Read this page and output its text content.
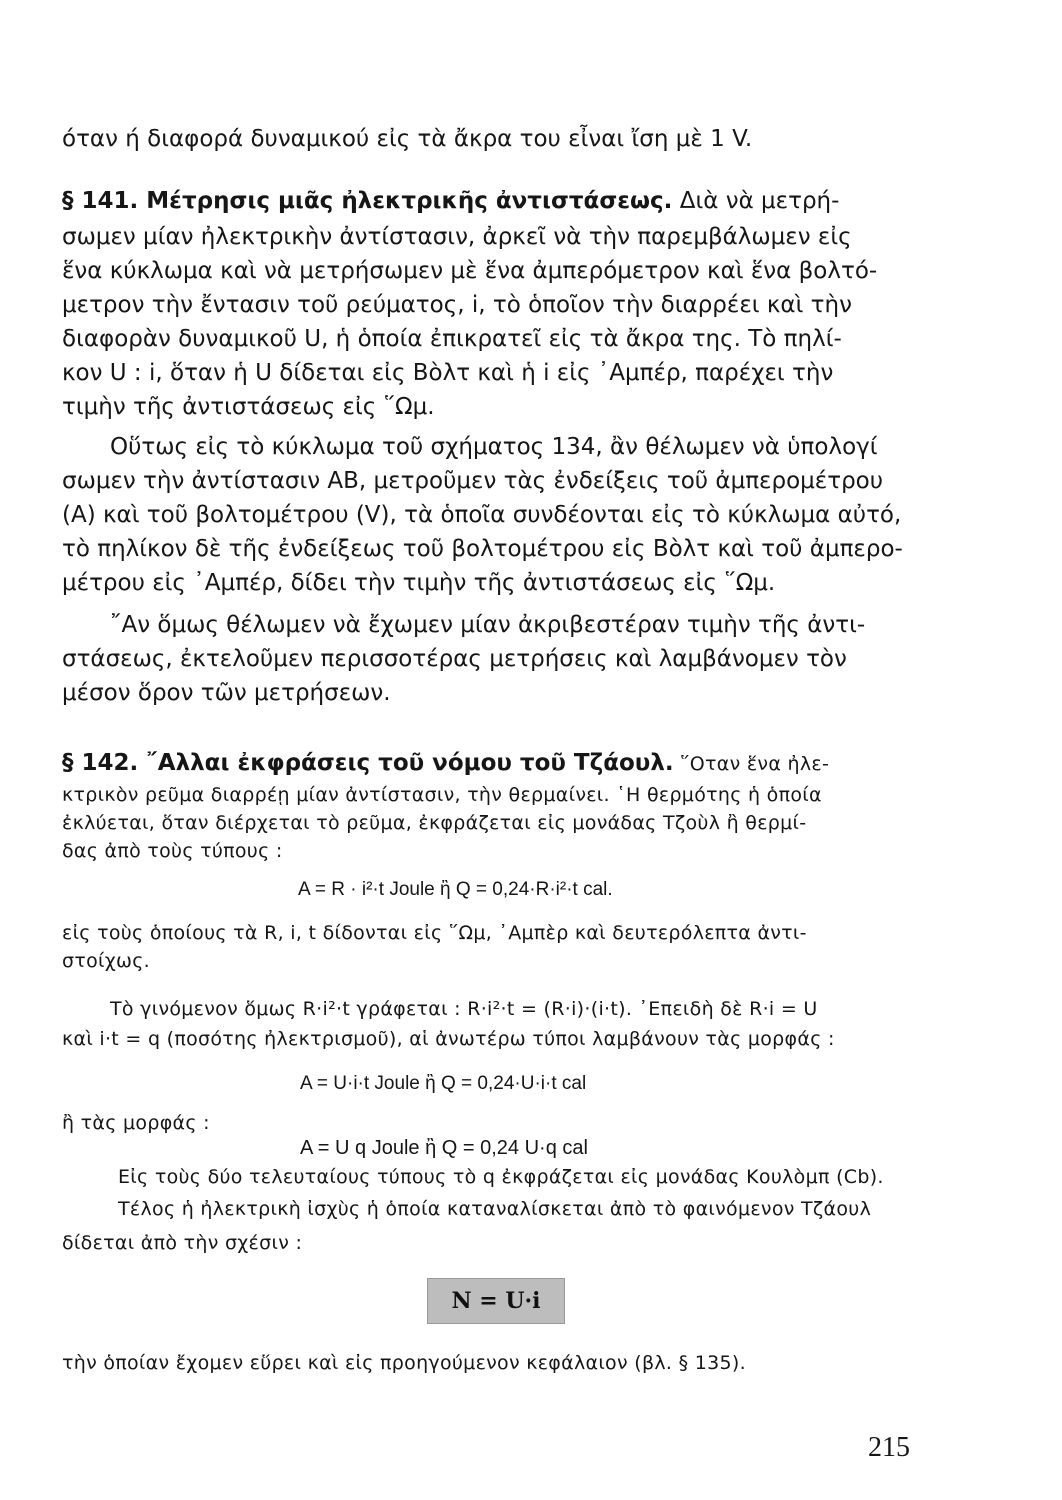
όταν ή διαφορά δυναμικού εἰς τὰ ἄκρα του εἶναι ἴση μὲ 1 V.
§ 141. Μέτρησις μιᾶς ἠλεκτρικῆς ἀντιστάσεως. Διὰ νὰ μετρή-
σωμεν μίαν ἠλεκτρικὴν ἀντίστασιν, ἀρκεῖ νὰ τὴν παρεμβάλωμεν εἰς
ἕνα κύκλωμα καὶ νὰ μετρήσωμεν μὲ ἕνα ἀμπερόμετρον καὶ ἕνα βολτό-
μετρον τὴν ἔντασιν τοῦ ρεύματος, i, τὸ ὁποῖον τὴν διαρρέει καὶ τὴν
διαφορὰν δυναμικοῦ U, ἡ ὁποία ἐπικρατεῖ εἰς τὰ ἄκρα της. Τὸ πηλί-
κον U : i, ὅταν ἡ U δίδεται εἰς Βὸλτ καὶ ἡ i εἰς ᾽Αμπέρ, παρέχει τὴν
τιμὴν τῆς ἀντιστάσεως εἰς ῞Ωμ.
Οὕτως εἰς τὸ κύκλωμα τοῦ σχήματος 134, ἂν θέλωμεν νὰ ὑπολογί
σωμεν τὴν ἀντίστασιν ΑΒ, μετροῦμεν τὰς ἐνδείξεις τοῦ ἀμπερομέτρου
(Α) καὶ τοῦ βολτομέτρου (V), τὰ ὁποῖα συνδέονται εἰς τὸ κύκλωμα αὐτό,
τὸ πηλίκον δὲ τῆς ἐνδείξεως τοῦ βολτομέτρου εἰς Βὸλτ καὶ τοῦ ἀμπερο-
μέτρου εἰς ᾽Αμπέρ, δίδει τὴν τιμὴν τῆς ἀντιστάσεως εἰς ῞Ωμ.
῎Αν ὅμως θέλωμεν νὰ ἔχωμεν μίαν ἀκριβεστέραν τιμὴν τῆς ἀντι-
στάσεως, ἐκτελοῦμεν περισσοτέρας μετρήσεις καὶ λαμβάνομεν τὸν
μέσον ὅρον τῶν μετρήσεων.
§ 142. ῎Αλλαι ἐκφράσεις τοῦ νόμου τοῦ Τζάουλ. ῞Οταν ἕνα ἠλε-
κτρικὸν ρεῦμα διαρρέῃ μίαν ἀντίστασιν, τὴν θερμαίνει. ῾Η θερμότης ἡ ὁποία
ἐκλύεται, ὅταν διέρχεται τὸ ρεῦμα, ἐκφράζεται εἰς μονάδας Τζοὺλ ἢ θερμί-
δας ἀπὸ τοὺς τύπους :
A = R · i²·t Joule ἢ Q = 0,24·R·i²·t cal.
εἰς τοὺς ὁποίους τὰ R, i, t δίδονται εἰς ῞Ωμ, ᾽Αμπὲρ καὶ δευτερόλεπτα ἀντι-
στοίχως.
Τὸ γινόμενον ὅμως R·i²·t γράφεται : R·i²·t = (R·i)·(i·t). ᾽Επειδὴ δὲ R·i = U
καὶ i·t = q (ποσότης ἠλεκτρισμοῦ), αἱ ἀνωτέρω τύποι λαμβάνουν τὰς μορφάς :
A = U·i·t Joule ἢ Q = 0,24·U·i·t cal
ἢ τὰς μορφάς :
A = U q Joule ἢ Q = 0,24 U·q cal
Εἰς τοὺς δύο τελευταίους τύπους τὸ q ἐκφράζεται εἰς μονάδας Κουλὸμπ (Cb).
Τέλος ἡ ἠλεκτρικὴ ἰσχὺς ἡ ὁποία καταναλίσκεται ἀπὸ τὸ φαινόμενον Τζάουλ
δίδεται ἀπὸ τὴν σχέσιν :
N = U·i
τὴν ὁποίαν ἔχομεν εὕρει καὶ εἰς προηγούμενον κεφάλαιον (βλ. § 135).
215
